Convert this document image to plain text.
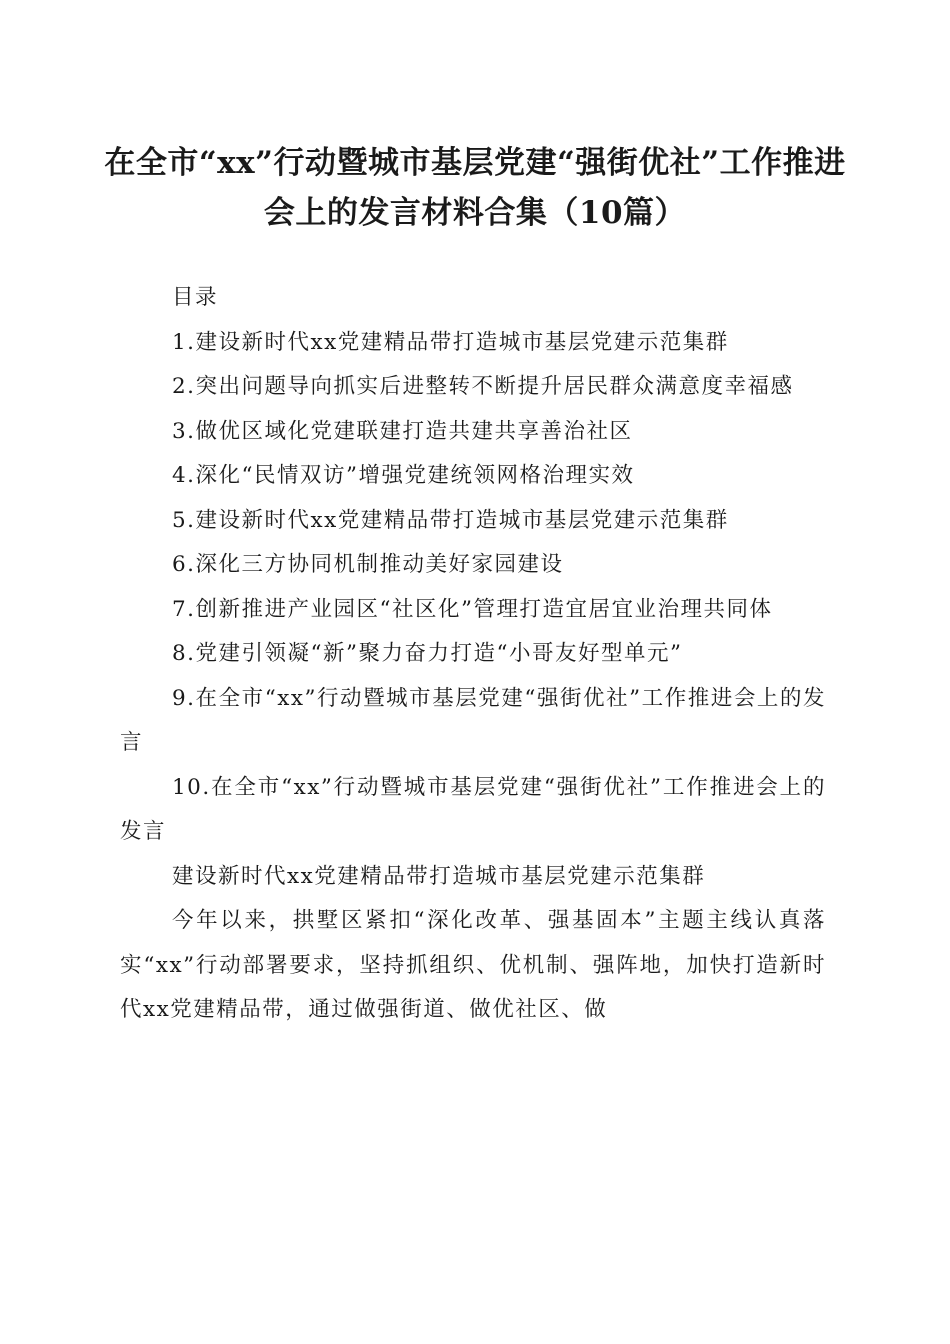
在全市“xx”行动暨城市基层党建“强街优社”工作推进会上的发言材料合集（10篇）

目录

1.建设新时代xx党建精品带打造城市基层党建示范集群

2.突出问题导向抓实后进整转不断提升居民群众满意度幸福感

3.做优区域化党建联建打造共建共享善治社区

4.深化“民情双访”增强党建统领网格治理实效

5.建设新时代xx党建精品带打造城市基层党建示范集群

6.深化三方协同机制推动美好家园建设

7.创新推进产业园区“社区化”管理打造宜居宜业治理共同体

8.党建引领凝“新”聚力奋力打造“小哥友好型单元”

9.在全市“xx”行动暨城市基层党建“强街优社”工作推进会上的发言

10.在全市“xx”行动暨城市基层党建“强街优社”工作推进会上的发言

建设新时代xx党建精品带打造城市基层党建示范集群

今年以来，拱墅区紧扣“深化改革、强基固本”主题主线认真落实“xx”行动部署要求，坚持抓组织、优机制、强阵地，加快打造新时代xx党建精品带，通过做强街道、做优社区、做
